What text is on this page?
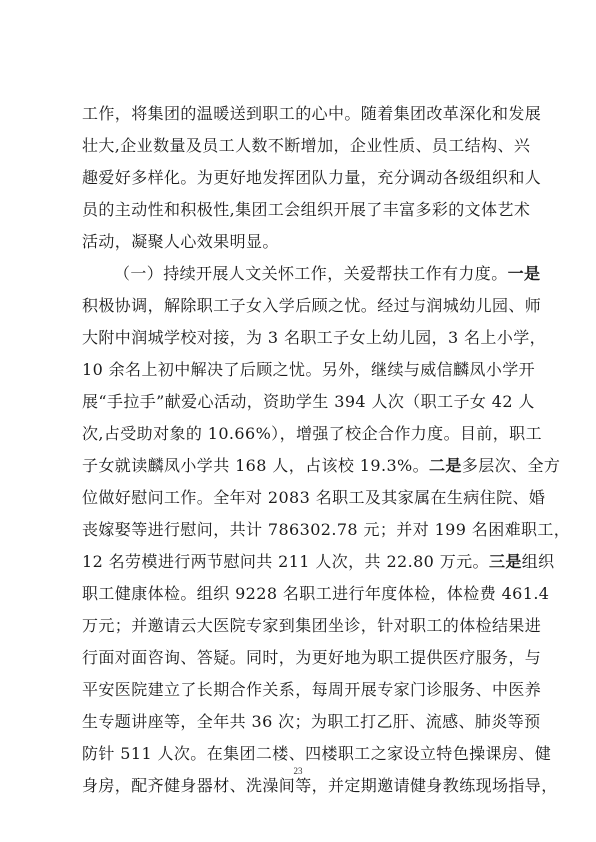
工作，将集团的温暖送到职工的心中。随着集团改革深化和发展
壮大,企业数量及员工人数不断增加，企业性质、员工结构、兴
趣爱好多样化。为更好地发挥团队力量，充分调动各级组织和人
员的主动性和积极性,集团工会组织开展了丰富多彩的文体艺术
活动，凝聚人心效果明显。
（一）持续开展人文关怀工作，关爱帮扶工作有力度。一是
积极协调，解除职工子女入学后顾之忧。经过与润城幼儿园、师
大附中润城学校对接，为 3 名职工子女上幼儿园，3 名上小学，
10 余名上初中解决了后顾之忧。另外，继续与威信麟凤小学开
展“手拉手”献爱心活动，资助学生 394 人次（职工子女 42 人
次,占受助对象的 10.66%），增强了校企合作力度。目前，职工
子女就读麟凤小学共 168 人，占该校 19.3%。二是多层次、全方
位做好慰问工作。全年对 2083 名职工及其家属在生病住院、婚
丧嫁娶等进行慰问，共计 786302.78 元；并对 199 名困难职工，
12 名劳模进行两节慰问共 211 人次，共 22.80 万元。三是组织
职工健康体检。组织 9228 名职工进行年度体检，体检费 461.4
万元；并邀请云大医院专家到集团坐诊，针对职工的体检结果进
行面对面咨询、答疑。同时，为更好地为职工提供医疗服务，与
平安医院建立了长期合作关系，每周开展专家门诊服务、中医养
生专题讲座等，全年共 36 次；为职工打乙肝、流感、肺炎等预
防针 511 人次。在集团二楼、四楼职工之家设立特色操课房、健
身房，配齐健身器材、洗澡间等，并定期邀请健身教练现场指导，
23
